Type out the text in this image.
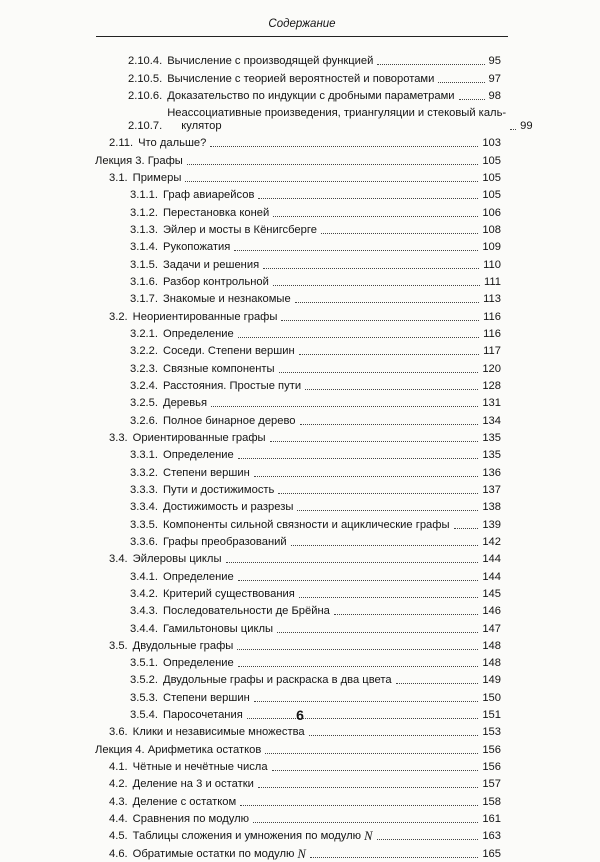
Содержание
2.10.4. Вычисление с производящей функцией	95
2.10.5. Вычисление с теорией вероятностей и поворотами	97
2.10.6. Доказательство по индукции с дробными параметрами	98
2.10.7.
Неассоциативные произведения, триангуляции и стековый каль-
кулятор	99
2.11. Что дальше?	103
Лекция 3. Графы	105
3.1. Примеры	105
3.1.1. Граф авиарейсов	105
3.1.2. Перестановка коней	106
3.1.3. Эйлер и мосты в Кёнигсберге	108
3.1.4. Рукопожатия	109
3.1.5. Задачи и решения	110
3.1.6. Разбор контрольной	111
3.1.7. Знакомые и незнакомые	113
3.2. Неориентированные графы	116
3.2.1. Определение	116
3.2.2. Соседи. Степени вершин	117
3.2.3. Связные компоненты	120
3.2.4. Расстояния. Простые пути	128
3.2.5. Деревья	131
3.2.6. Полное бинарное дерево	134
3.3. Ориентированные графы	135
3.3.1. Определение	135
3.3.2. Степени вершин	136
3.3.3. Пути и достижимость	137
3.3.4. Достижимость и разрезы	138
3.3.5. Компоненты сильной связности и ациклические графы	139
3.3.6. Графы преобразований	142
3.4. Эйлеровы циклы	144
3.4.1. Определение	144
3.4.2. Критерий существования	145
3.4.3. Последовательности де Брёйна	146
3.4.4. Гамильтоновы циклы	147
3.5. Двудольные графы	148
3.5.1. Определение	148
3.5.2. Двудольные графы и раскраска в два цвета	149
3.5.3. Степени вершин	150
3.5.4. Паросочетания	151
3.6. Клики и независимые множества	153
Лекция 4. Арифметика остатков	156
4.1. Чётные и нечётные числа	156
4.2. Деление на 3 и остатки	157
4.3. Деление с остатком	158
4.4. Сравнения по модулю	161
4.5. Таблицы сложения и умножения по модулю
N	163
4.6. Обратимые остатки по модулю
N	165
6
